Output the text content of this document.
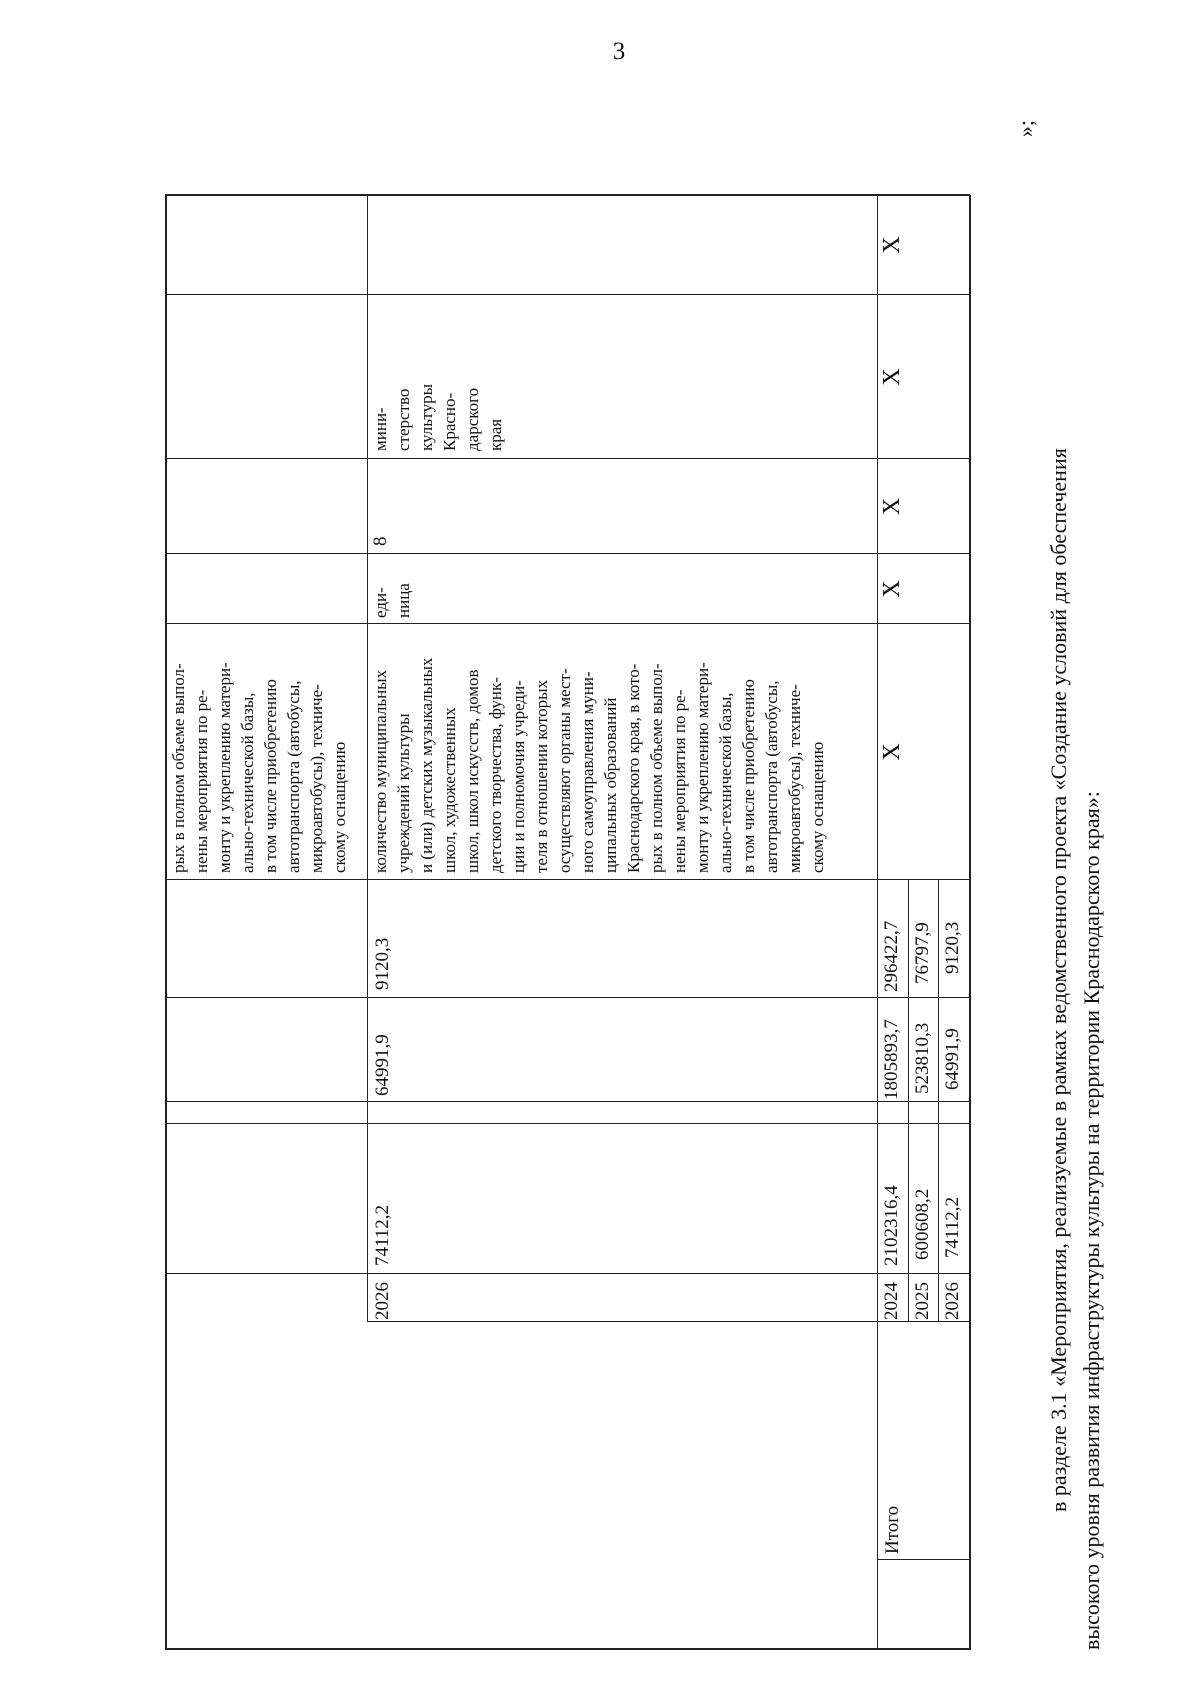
3
рых в полном объеме выпол- нены мероприятия по ре- монту и укреплению матери- ально-технической базы, в том числе приобретению автотранспорта (автобусы, микроавтобусы), техниче- скому оснащению
2026
74112,2
64991,9
9120,3
количество муниципальных учреждений культуры и (или) детских музыкальных школ, художественных школ, школ искусств, домов детского творчества, функ- ции и полномочия учреди- теля в отношении которых осуществляют органы мест- ного самоуправления муни- ципальных образований Краснодарского края, в кото- рых в полном объеме выпол- нены мероприятия по ре- монту и укреплению матери- ально-технической базы, в том числе приобретению автотранспорта (автобусы, микроавтобусы), техниче- скому оснащению
еди- ница
8
мини- стерство культуры Красно- дарского края
Итого
X
X
X
X
X
2024
2102316,4
1805893,7
296422,7
2025
600608,2
523810,3
76797,9
2026
74112,2
64991,9
9120,3
»;
в разделе 3.1 «Мероприятия, реализуемые в рамках ведомственного проекта «Создание условий для обеспечения высокого уровня развития инфраструктуры культуры на территории Краснодарского края»:
